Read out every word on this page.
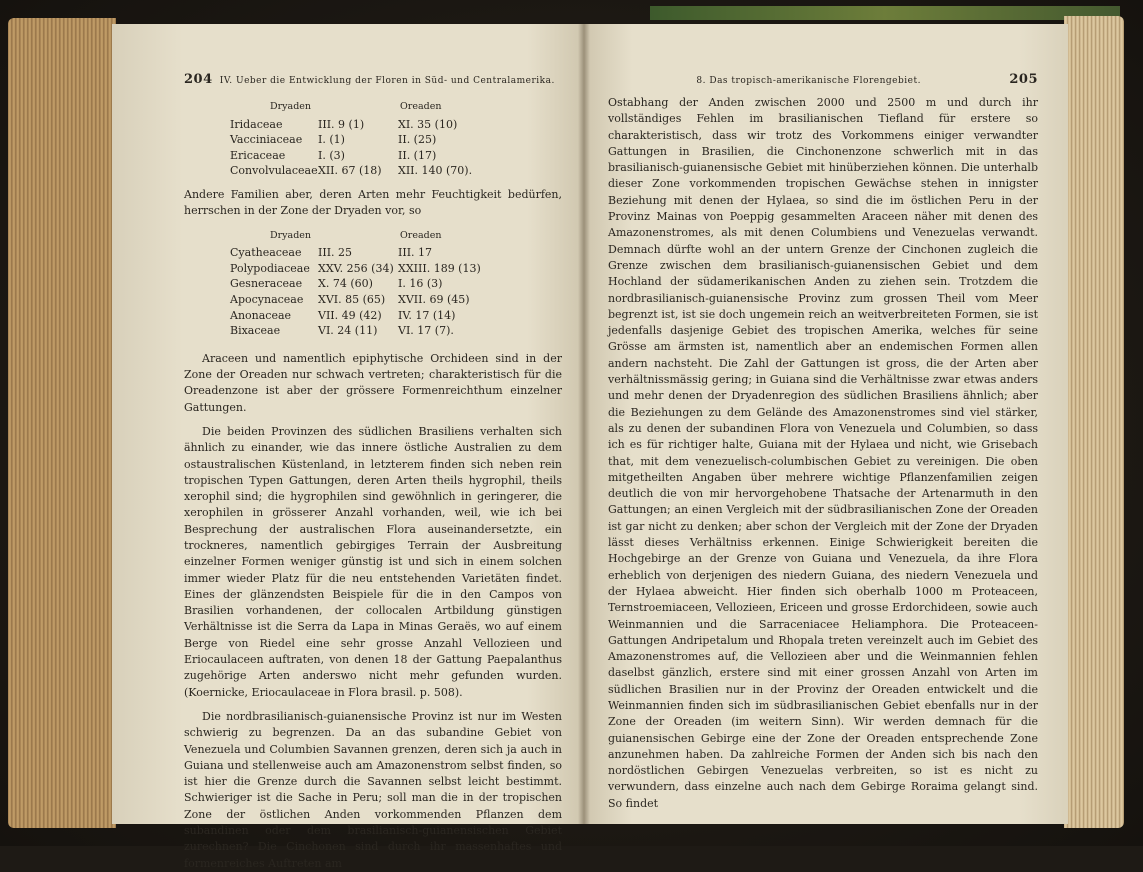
204 IV. Ueber die Entwicklung der Floren in Süd- und Centralamerika.
Dryaden	Oreaden
Iridaceae	III. 9 (1)	XI. 35 (10)
Vacciniaceae	I. (1)	II. (25)
Ericaceae	I. (3)	II. (17)
Convolvulaceae XII. 67 (18)	XII. 140 (70).

Andere Familien aber, deren Arten mehr Feuchtigkeit bedürfen, herrschen in der Zone der Dryaden vor, so

Dryaden	Oreaden
Cyatheaceae	III. 25	III. 17
Polypodiaceae XXV. 256 (34) XXIII. 189 (13)
Gesneraceae	X. 74 (60)	I. 16 (3)
Apocynaceae	XVI. 85 (65)	XVII. 69 (45)
Anonaceae	VII. 49 (42)	IV. 17 (14)
Bixaceae	VI. 24 (11)	VI. 17 (7).

Araceen und namentlich epiphytische Orchideen sind in der Zone der Oreaden nur schwach vertreten; charakteristisch für die Oreadenzone ist aber der grössere Formenreichthum einzelner Gattungen.

Die beiden Provinzen des südlichen Brasiliens verhalten sich ähnlich zu einander, wie das innere östliche Australien zu dem ostaustralischen Küstenland, in letzterem finden sich neben rein tropischen Typen Gattungen, deren Arten theils hygrophil, theils xerophil sind; die hygrophilen sind gewöhnlich in geringerer, die xerophilen in grösserer Anzahl vorhanden, weil, wie ich bei Besprechung der australischen Flora auseinandersetzte, ein trockneres, namentlich gebirgiges Terrain der Ausbreitung einzelner Formen weniger günstig ist und sich in einem solchen immer wieder Platz für die neu entstehenden Varietäten findet. Eines der glänzendsten Beispiele für die in den Campos von Brasilien vorhandenen, der collocalen Artbildung günstigen Verhältnisse ist die Serra da Lapa in Minas Geraës, wo auf einem Berge von Riedel eine sehr grosse Anzahl Vellozieen und Eriocaulaceen auftraten, von denen 18 der Gattung Paepalanthus zugehörige Arten anderswo nicht mehr gefunden wurden. (Koernicke, Eriocaulaceae in Flora brasil. p. 508).

Die nordbrasilianisch-guianensische Provinz ist nur im Westen schwierig zu begrenzen. Da an das subandine Gebiet von Venezuela und Columbien Savannen grenzen, deren sich ja auch in Guiana und stellenweise auch am Amazonenstrom selbst finden, so ist hier die Grenze durch die Savannen selbst leicht bestimmt. Schwieriger ist die Sache in Peru; soll man die in der tropischen Zone der östlichen Anden vorkommenden Pflanzen dem subandinen oder dem brasilianisch-guianensischen Gebiet zurechnen? Die Cinchonen sind durch ihr massenhaftes und formenreiches Auftreten am

8. Das tropisch-amerikanische Florengebiet.	205

Ostabhang der Anden zwischen 2000 und 2500 m und durch ihr vollständiges Fehlen im brasilianischen Tiefland für erstere so charakteristisch, dass wir trotz des Vorkommens einiger verwandter Gattungen in Brasilien, die Cinchonenzone schwerlich mit in das brasilianisch-guianensische Gebiet mit hinüberziehen können. Die unterhalb dieser Zone vorkommenden tropischen Gewächse stehen in innigster Beziehung mit denen der Hylaea, so sind die im östlichen Peru in der Provinz Mainas von Poeppig gesammelten Araceen näher mit denen des Amazonenstromes, als mit denen Columbiens und Venezuelas verwandt. Demnach dürfte wohl an der untern Grenze der Cinchonen zugleich die Grenze zwischen dem brasilianisch-guianensischen Gebiet und dem Hochland der südamerikanischen Anden zu ziehen sein. Trotzdem die nordbrasilianisch-guianensische Provinz zum grossen Theil vom Meer begrenzt ist, ist sie doch ungemein reich an weitverbreiteten Formen, sie ist jedenfalls dasjenige Gebiet des tropischen Amerika, welches für seine Grösse am ärmsten ist, namentlich aber an endemischen Formen allen andern nachsteht. Die Zahl der Gattungen ist gross, die der Arten aber verhältnissmässig gering; in Guiana sind die Verhältnisse zwar etwas anders und mehr denen der Dryadenregion des südlichen Brasiliens ähnlich; aber die Beziehungen zu dem Gelände des Amazonenstromes sind viel stärker, als zu denen der subandinen Flora von Venezuela und Columbien, so dass ich es für richtiger halte, Guiana mit der Hylaea und nicht, wie Grisebach that, mit dem venezuelisch-columbischen Gebiet zu vereinigen. Die oben mitgetheilten Angaben über mehrere wichtige Pflanzenfamilien zeigen deutlich die von mir hervorgehobene Thatsache der Artenarmuth in den Gattungen; an einen Vergleich mit der südbrasilianischen Zone der Oreaden ist gar nicht zu denken; aber schon der Vergleich mit der Zone der Dryaden lässt dieses Verhältniss erkennen. Einige Schwierigkeit bereiten die Hochgebirge an der Grenze von Guiana und Venezuela, da ihre Flora erheblich von derjenigen des niedern Guiana, des niedern Venezuela und der Hylaea abweicht. Hier finden sich oberhalb 1000 m Proteaceen, Ternstroemiaceen, Vellozieen, Ericeen und grosse Erdorchideen, sowie auch Weinmannien und die Sarraceniacee Heliamphora. Die Proteaceen-Gattungen Andripetalum und Rhopala treten vereinzelt auch im Gebiet des Amazonenstromes auf, die Vellozieen aber und die Weinmannien fehlen daselbst gänzlich, erstere sind mit einer grossen Anzahl von Arten im südlichen Brasilien nur in der Provinz der Oreaden entwickelt und die Weinmannien finden sich im südbrasilianischen Gebiet ebenfalls nur in der Zone der Oreaden (im weitern Sinn). Wir werden demnach für die guianensischen Gebirge eine der Zone der Oreaden entsprechende Zone anzunehmen haben. Da zahlreiche Formen der Anden sich bis nach den nordöstlichen Gebirgen Venezuelas verbreiten, so ist es nicht zu verwundern, dass einzelne auch nach dem Gebirge Roraima gelangt sind. So findet
